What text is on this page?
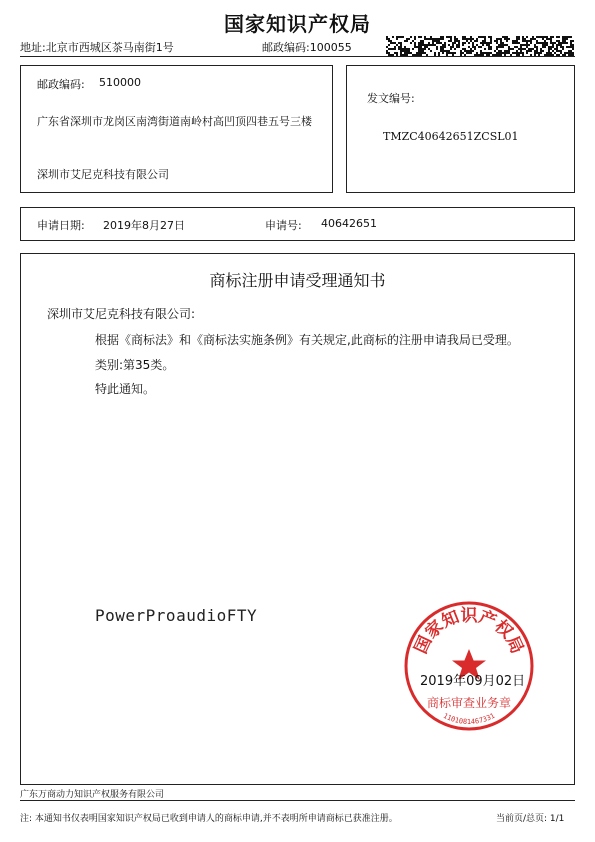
国家知识产权局
地址:北京市西城区茶马南街1号	邮政编码:100055
邮政编码: 510000
广东省深圳市龙岗区南湾街道南岭村高凹顶四巷五号三楼
深圳市艾尼克科技有限公司
发文编号:
TMZC40642651ZCSL01
申请日期: 2019年8月27日	申请号: 40642651
商标注册申请受理通知书
深圳市艾尼克科技有限公司:
根据《商标法》和《商标法实施条例》有关规定,此商标的注册申请我局已受理。
类别:第35类。
特此通知。
PowerProaudioFTY
国家知识产权局
商标审查业务章
1101081467331
2019年09月02日
广东万商动力知识产权服务有限公司
注: 本通知书仅表明国家知识产权局已收到申请人的商标申请,并不表明所申请商标已获准注册。	当前页/总页: 1/1
